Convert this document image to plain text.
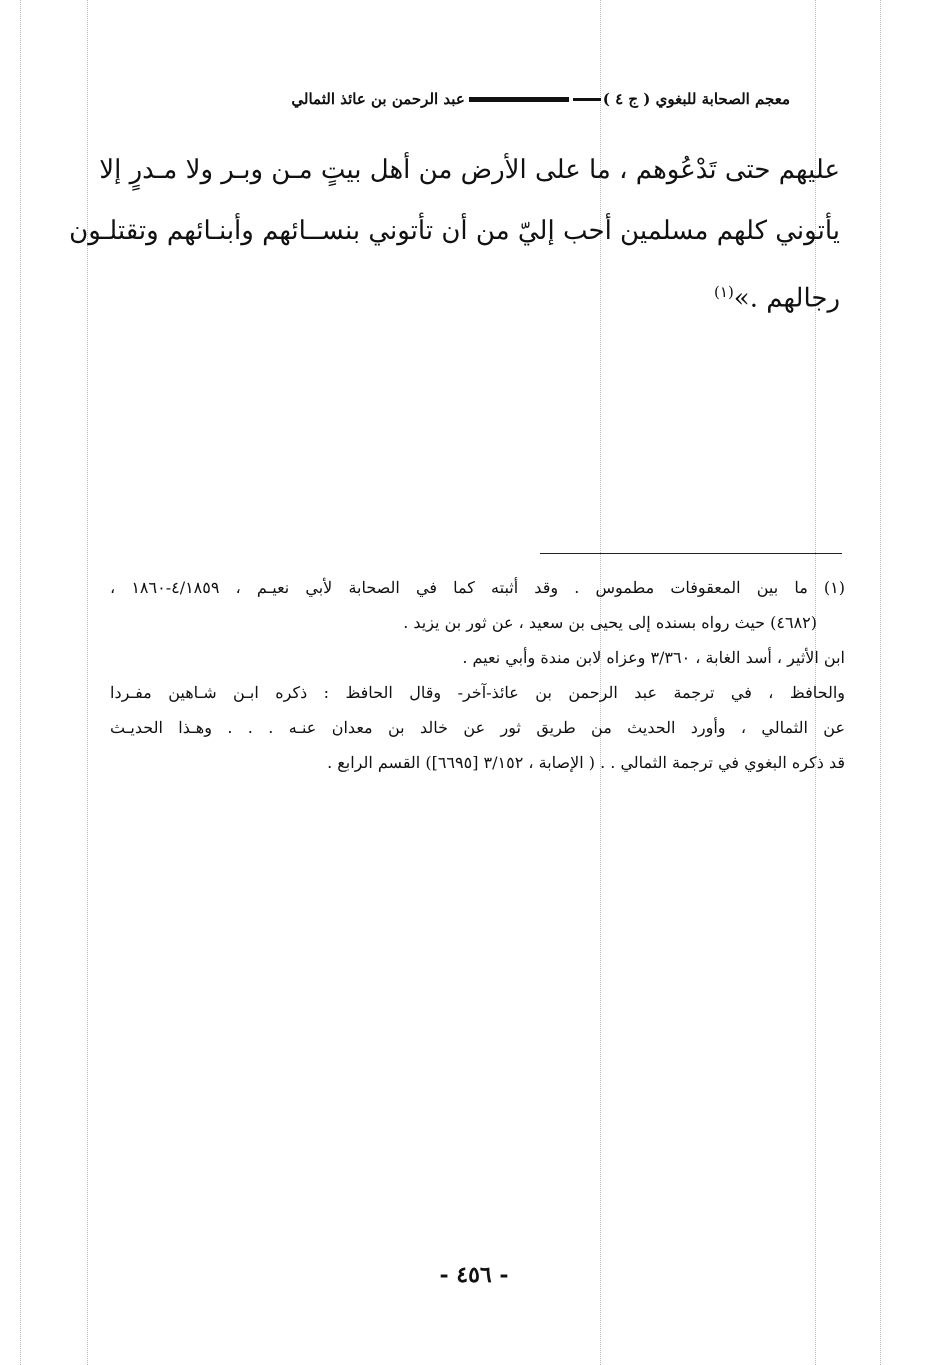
معجم الصحابة للبغوي ( ج ٤ )
عبد الرحمن بن عائذ الثمالي
عليهم حتى تَدْعُوهم ، ما على الأرض من أهل بيتٍ مـن وبـر ولا مـدرٍ إلا
يأتوني كلهم مسلمين أحب إليّ من أن تأتوني بنســائهم وأبنـائهم وتقتلـون
رجالهم .»$^{(١)}$
(١) ما بين المعقوفات مطموس . وقد أثبته كما في الصحابة لأبي نعيـم ، ٤/١٨٥٩-١٨٦٠ ،
(٤٦٨٢) حيث رواه بسنده إلى يحيى بن سعيد ، عن ثور بن يزيد .
ابن الأثير ، أسد الغابة ، ٣/٣٦٠ وعزاه لابن مندة وأبي نعيم .
والحافظ ، في ترجمة عبد الرحمن بن عائذ-آخر- وقال الحافظ : ذكره ابـن شـاهين مفـردا
عن الثمالي ، وأورد الحديث من طريق ثور عن خالد بن معدان عنـه . . . وهـذا الحديـث
قد ذكره البغوي في ترجمة الثمالي . . ( الإصابة ، ٣/١٥٢ [٦٦٩٥]) القسم الرابع .
- ٤٥٦ -
